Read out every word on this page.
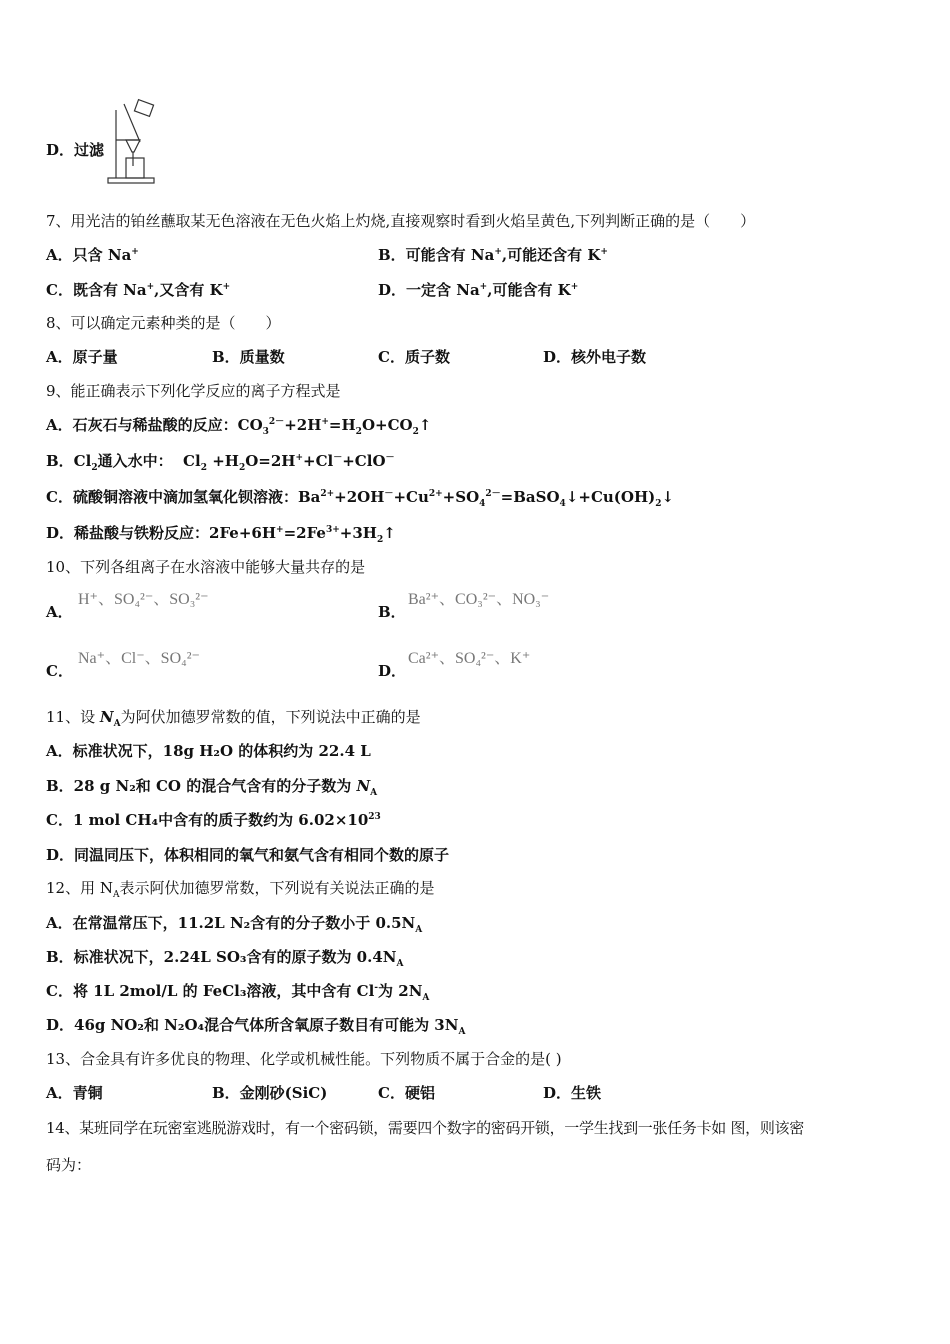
D．过滤
7、用光洁的铂丝蘸取某无色溶液在无色火焰上灼烧,直接观察时看到火焰呈黄色,下列判断正确的是（　　）
A．只含 Na+	B．可能含有 Na+,可能还含有 K+
C．既含有 Na+,又含有 K+	D．一定含 Na+,可能含有 K+
8、可以确定元素种类的是（　　）
A．原子量	B．质量数	C．质子数	D．核外电子数
9、能正确表示下列化学反应的离子方程式是
A．石灰石与稀盐酸的反应：$CO_3^{2-}+2H^+=H_2O+CO_2↑$
B．$Cl_2$通入水中：  $Cl_2 +H_2O=2H^++Cl^-+ClO^-$
C．硫酸铜溶液中滴加氢氧化钡溶液：$Ba^{2+}+2OH^-+Cu^{2+}+SO_4^{2-}=BaSO_4↓+Cu(OH)_2↓$
D．稀盐酸与铁粉反应：$2Fe+6H^+=2Fe^{3+}+3H_2↑$
10、下列各组离子在水溶液中能够大量共存的是
A．
H⁺、SO₄²⁻、SO₃²⁻
B．
Ba²⁺、CO₃²⁻、NO₃⁻
C．
Na⁺、Cl⁻、SO₄²⁻
D．
Ca²⁺、SO₄²⁻、K⁺
11、设 $N_A$为阿伏加德罗常数的值，下列说法中正确的是
A．标准状况下，18g H₂O 的体积约为 22.4 L
B．28 g N₂和 CO 的混合气含有的分子数为 $N_A$
C．1 mol CH₄中含有的质子数约为 $6.02\times 10^{23}$
D．同温同压下，体积相同的氧气和氨气含有相同个数的原子
12、用 $N_A$表示阿伏加德罗常数，下列说有关说法正确的是
A．在常温常压下，11.2L N₂含有的分子数小于 $0.5N_A$
B．标准状况下，2.24L SO₃含有的原子数为 $0.4N_A$
C．将 1L 2mol/L 的 FeCl₃溶液，其中含有 Cl-为 $2N_A$
D．46g NO₂和 N₂O₄混合气体所含氧原子数目有可能为 $3N_A$
13、合金具有许多优良的物理、化学或机械性能。下列物质不属于合金的是( )
A．青铜	B．金刚砂(SiC)	C．硬铝	D．生铁
14、某班同学在玩密室逃脱游戏时，有一个密码锁，需要四个数字的密码开锁，一学生找到一张任务卡如 图，则该密
码为：
